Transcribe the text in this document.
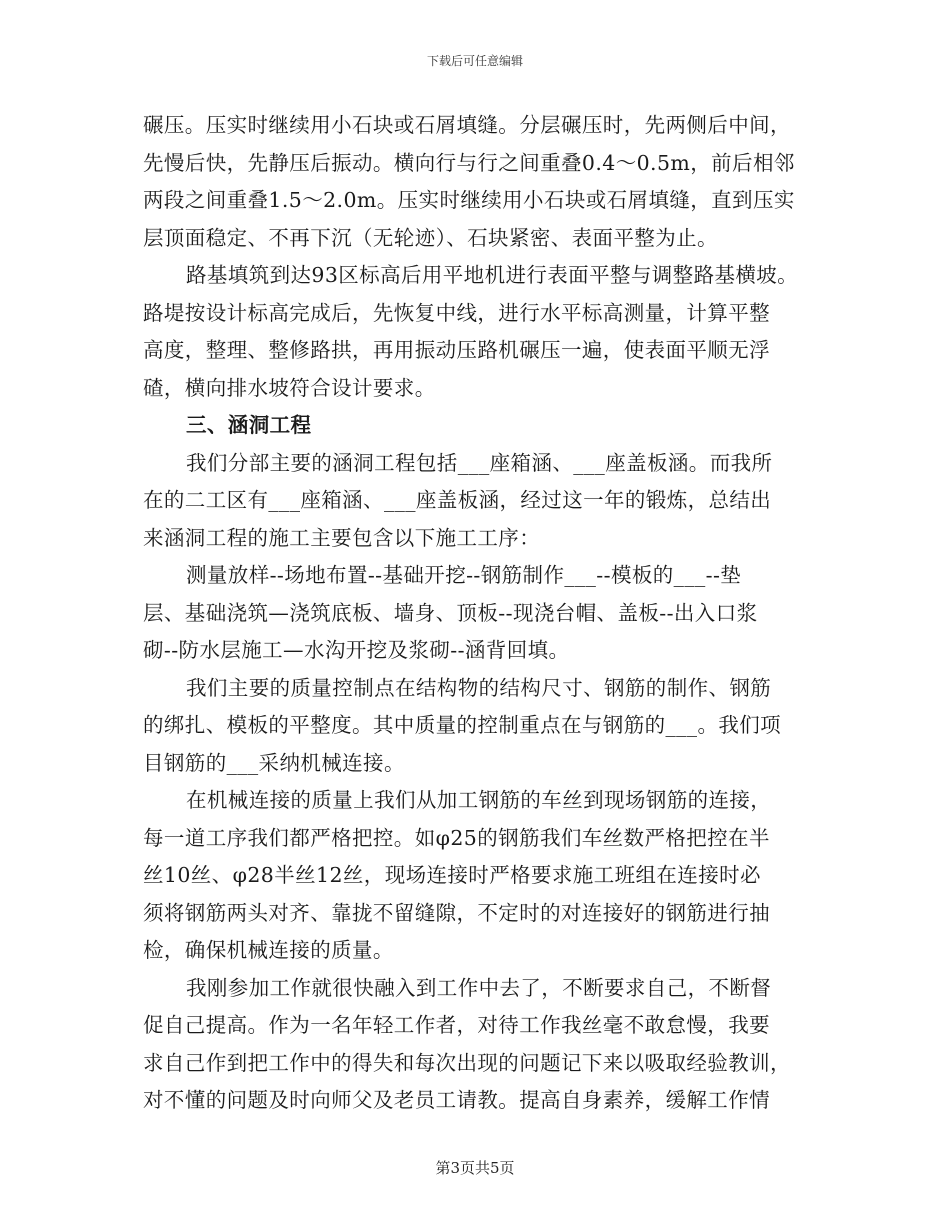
下载后可任意编辑
碾压。压实时继续用小石块或石屑填缝。分层碾压时，先两侧后中间，
先慢后快，先静压后振动。横向行与行之间重叠0.4～0.5m，前后相邻
两段之间重叠1.5～2.0m。压实时继续用小石块或石屑填缝，直到压实
层顶面稳定、不再下沉（无轮迹）、石块紧密、表面平整为止。
路基填筑到达93区标高后用平地机进行表面平整与调整路基横坡。
路堤按设计标高完成后，先恢复中线，进行水平标高测量，计算平整
高度，整理、整修路拱，再用振动压路机碾压一遍，使表面平顺无浮
碴，横向排水坡符合设计要求。
三、涵洞工程
我们分部主要的涵洞工程包括___座箱涵、___座盖板涵。而我所
在的二工区有___座箱涵、___座盖板涵，经过这一年的锻炼，总结出
来涵洞工程的施工主要包含以下施工工序：
测量放样--场地布置--基础开挖--钢筋制作___--模板的___--垫
层、基础浇筑—浇筑底板、墙身、顶板--现浇台帽、盖板--出入口浆
砌--防水层施工—水沟开挖及浆砌--涵背回填。
我们主要的质量控制点在结构物的结构尺寸、钢筋的制作、钢筋
的绑扎、模板的平整度。其中质量的控制重点在与钢筋的___。我们项
目钢筋的___采纳机械连接。
在机械连接的质量上我们从加工钢筋的车丝到现场钢筋的连接，
每一道工序我们都严格把控。如φ25的钢筋我们车丝数严格把控在半
丝10丝、φ28半丝12丝，现场连接时严格要求施工班组在连接时必
须将钢筋两头对齐、靠拢不留缝隙，不定时的对连接好的钢筋进行抽
检，确保机械连接的质量。
我刚参加工作就很快融入到工作中去了，不断要求自己，不断督
促自己提高。作为一名年轻工作者，对待工作我丝毫不敢怠慢，我要
求自己作到把工作中的得失和每次出现的问题记下来以吸取经验教训，
对不懂的问题及时向师父及老员工请教。提高自身素养，缓解工作情
第3页共5页
